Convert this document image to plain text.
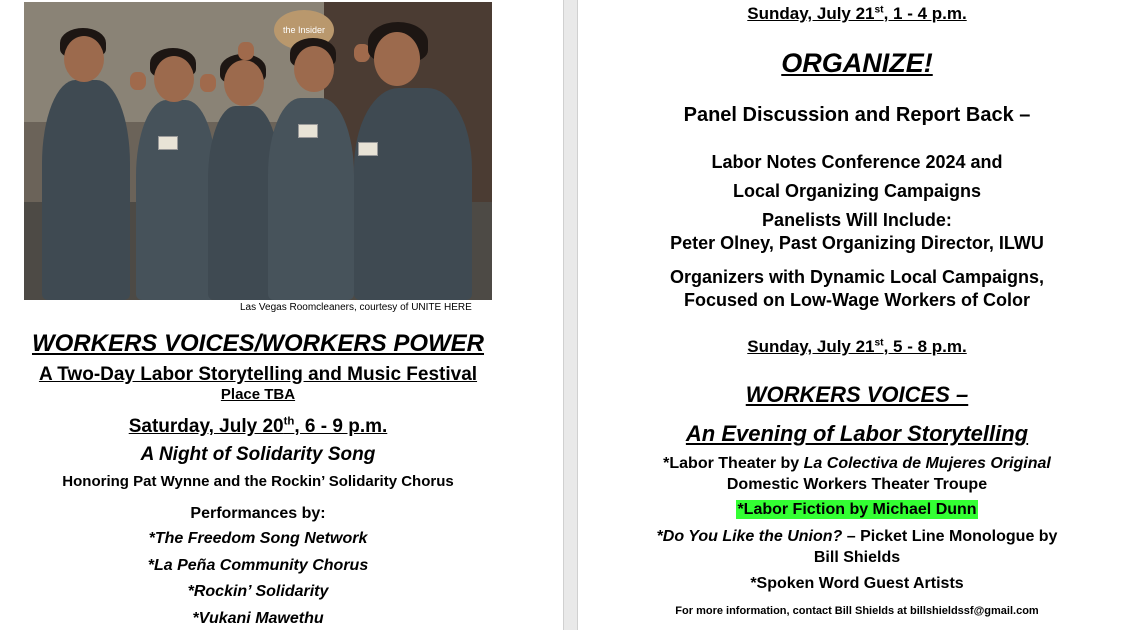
the Insider
Las Vegas Roomcleaners, courtesy of UNITE HERE
WORKERS VOICES/WORKERS POWER
A Two-Day Labor Storytelling and Music Festival
Place TBA
Saturday, July 20th, 6 - 9 p.m.
A Night of Solidarity Song
Honoring Pat Wynne and the Rockin’ Solidarity Chorus
Performances by:
*The Freedom Song Network
*La Peña Community Chorus
*Rockin’ Solidarity
*Vukani Mawethu
Sunday, July 21st, 1 - 4 p.m.
ORGANIZE!
Panel Discussion and Report Back –
Labor Notes Conference 2024 and
Local Organizing Campaigns
Panelists Will Include:
Peter Olney, Past Organizing Director, ILWU
Organizers with Dynamic Local Campaigns,
Focused on Low-Wage Workers of Color
Sunday, July 21st, 5 - 8 p.m.
WORKERS VOICES –
An Evening of Labor Storytelling
*Labor Theater by La Colectiva de Mujeres Original
Domestic Workers Theater Troupe
*Labor Fiction by Michael Dunn
*Do You Like the Union? – Picket Line Monologue by
Bill Shields
*Spoken Word Guest Artists
For more information, contact Bill Shields at billshieldssf@gmail.com
